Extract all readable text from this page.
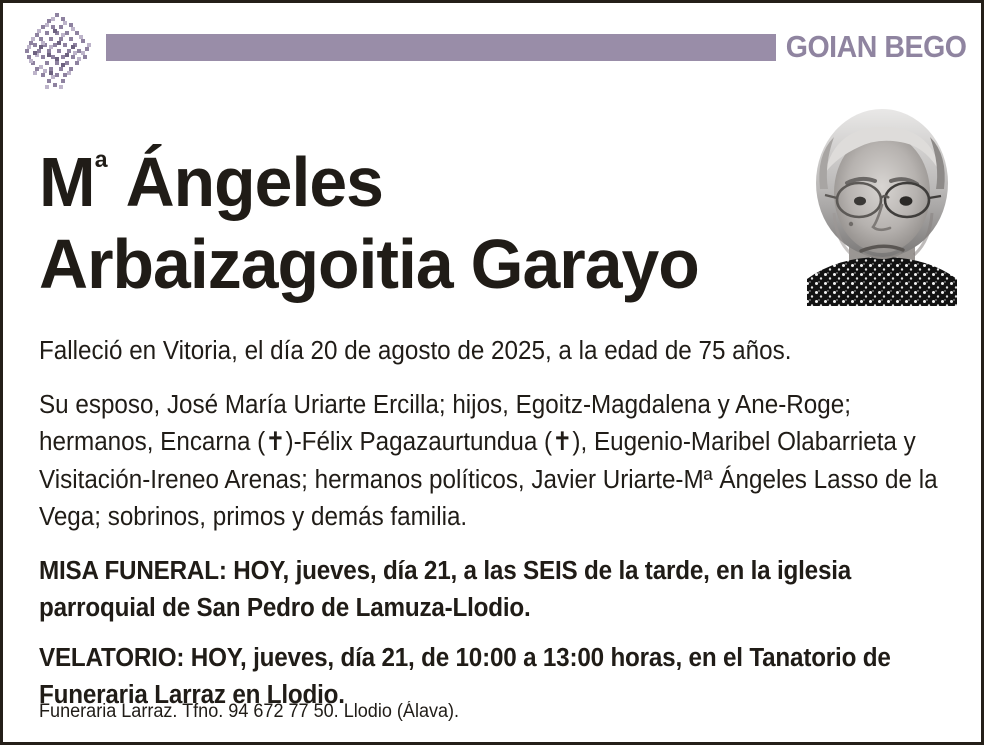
GOIAN BEGO
$M^ª$ Ángeles
Arbaizagoitia Garayo

Falleció en Vitoria, el día 20 de agosto de 2025, a la edad de 75 años.

Su esposo, José María Uriarte Ercilla; hijos, Egoitz-Magdalena y Ane-Roge; hermanos, Encarna (✝)-Félix Pagazaurtundua (✝), Eugenio-Maribel Olabarrieta y Visitación-Ireneo Arenas; hermanos políticos, Javier Uriarte-Mª Ángeles Lasso de la Vega; sobrinos, primos y demás familia.

MISA FUNERAL: HOY, jueves, día 21, a las SEIS de la tarde, en la iglesia parroquial de San Pedro de Lamuza-Llodio.

VELATORIO: HOY, jueves, día 21, de 10:00 a 13:00 horas, en el Tanatorio de Funeraria Larraz en Llodio.

Funeraria Larraz. Tfno. 94 672 77 50. Llodio (Álava).
